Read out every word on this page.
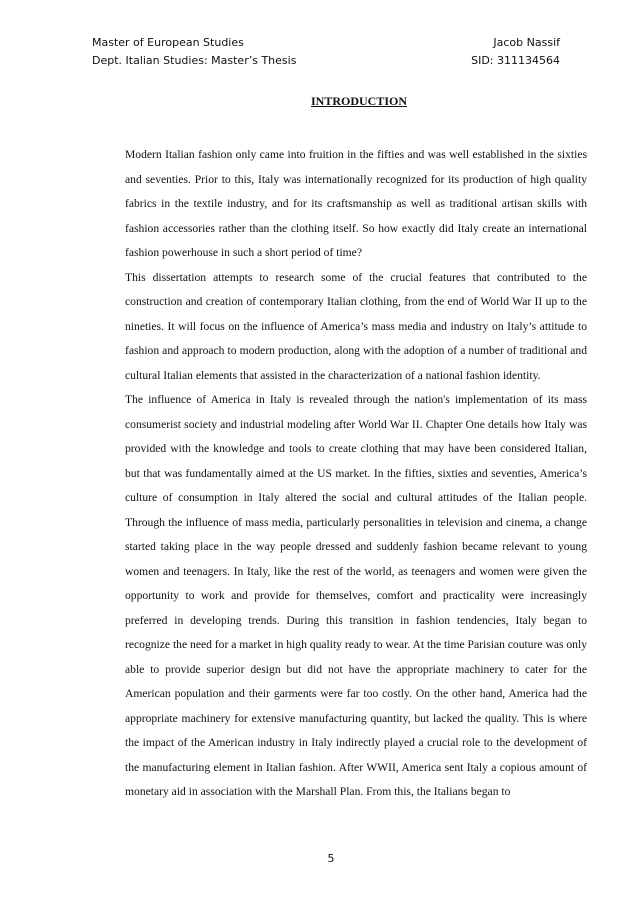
Master of European Studies	Jacob Nassif
Dept. Italian Studies: Master’s Thesis	SID: 311134564
INTRODUCTION

Modern Italian fashion only came into fruition in the fifties and was well established in the sixties and seventies. Prior to this, Italy was internationally recognized for its production of high quality fabrics in the textile industry, and for its craftsmanship as well as traditional artisan skills with fashion accessories rather than the clothing itself. So how exactly did Italy create an international fashion powerhouse in such a short period of time?

This dissertation attempts to research some of the crucial features that contributed to the construction and creation of contemporary Italian clothing, from the end of World War II up to the nineties. It will focus on the influence of America’s mass media and industry on Italy’s attitude to fashion and approach to modern production, along with the adoption of a number of traditional and cultural Italian elements that assisted in the characterization of a national fashion identity.

The influence of America in Italy is revealed through the nation's implementation of its mass consumerist society and industrial modeling after World War II. Chapter One details how Italy was provided with the knowledge and tools to create clothing that may have been considered Italian, but that was fundamentally aimed at the US market. In the fifties, sixties and seventies, America’s culture of consumption in Italy altered the social and cultural attitudes of the Italian people. Through the influence of mass media, particularly personalities in television and cinema, a change started taking place in the way people dressed and suddenly fashion became relevant to young women and teenagers. In Italy, like the rest of the world, as teenagers and women were given the opportunity to work and provide for themselves, comfort and practicality were increasingly preferred in developing trends. During this transition in fashion tendencies, Italy began to recognize the need for a market in high quality ready to wear. At the time Parisian couture was only able to provide superior design but did not have the appropriate machinery to cater for the American population and their garments were far too costly. On the other hand, America had the appropriate machinery for extensive manufacturing quantity, but lacked the quality. This is where the impact of the American industry in Italy indirectly played a crucial role to the development of the manufacturing element in Italian fashion. After WWII, America sent Italy a copious amount of monetary aid in association with the Marshall Plan. From this, the Italians began to

5
